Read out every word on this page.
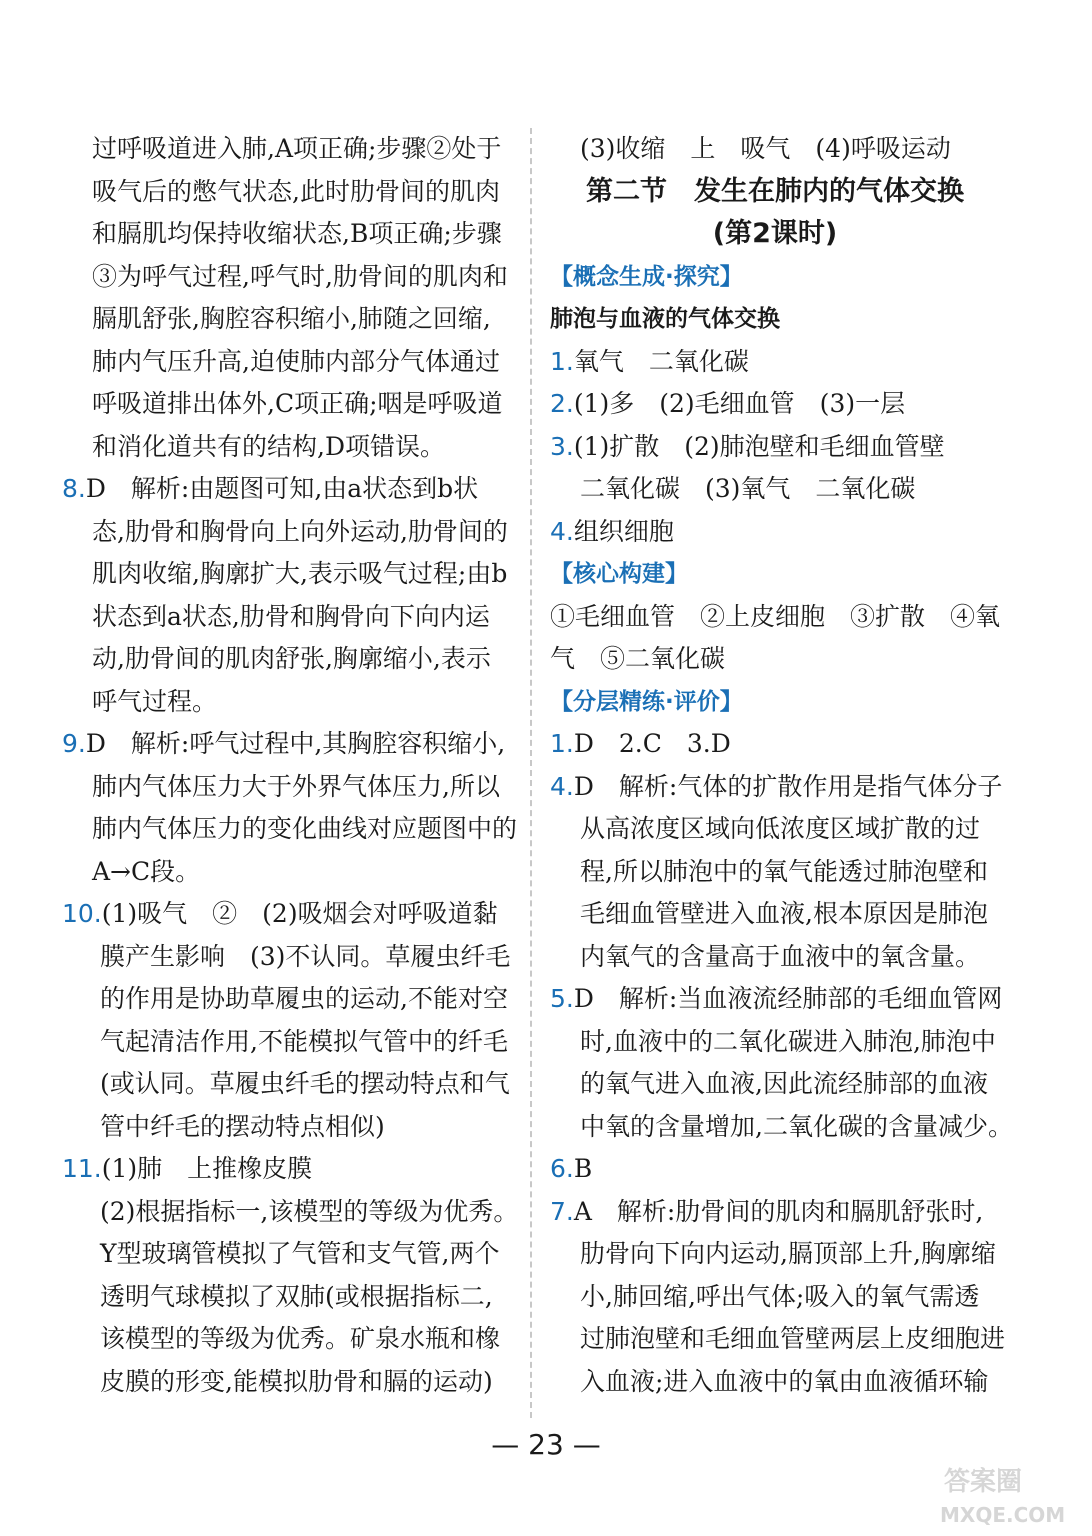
过呼吸道进入肺,A项正确;步骤②处于
吸气后的憋气状态,此时肋骨间的肌肉
和膈肌均保持收缩状态,B项正确;步骤
③为呼气过程,呼气时,肋骨间的肌肉和
膈肌舒张,胸腔容积缩小,肺随之回缩,
肺内气压升高,迫使肺内部分气体通过
呼吸道排出体外,C项正确;咽是呼吸道
和消化道共有的结构,D项错误。
8.D　解析:由题图可知,由a状态到b状
态,肋骨和胸骨向上向外运动,肋骨间的
肌肉收缩,胸廓扩大,表示吸气过程;由b
状态到a状态,肋骨和胸骨向下向内运
动,肋骨间的肌肉舒张,胸廓缩小,表示
呼气过程。
9.D　解析:呼气过程中,其胸腔容积缩小,
肺内气体压力大于外界气体压力,所以
肺内气体压力的变化曲线对应题图中的
A→C段。
10.(1)吸气　②　(2)吸烟会对呼吸道黏
膜产生影响　(3)不认同。草履虫纤毛
的作用是协助草履虫的运动,不能对空
气起清洁作用,不能模拟气管中的纤毛
(或认同。草履虫纤毛的摆动特点和气
管中纤毛的摆动特点相似)
11.(1)肺　上推橡皮膜
(2)根据指标一,该模型的等级为优秀。
Y型玻璃管模拟了气管和支气管,两个
透明气球模拟了双肺(或根据指标二,
该模型的等级为优秀。矿泉水瓶和橡
皮膜的形变,能模拟肋骨和膈的运动)
(3)收缩　上　吸气　(4)呼吸运动
第二节　发生在肺内的气体交换
(第2课时)
【概念生成·探究】
肺泡与血液的气体交换
1.氧气　二氧化碳
2.(1)多　(2)毛细血管　(3)一层
3.(1)扩散　(2)肺泡壁和毛细血管壁
二氧化碳　(3)氧气　二氧化碳
4.组织细胞
【核心构建】
①毛细血管　②上皮细胞　③扩散　④氧
气　⑤二氧化碳
【分层精练·评价】
1.D　2.C　3.D
4.D　解析:气体的扩散作用是指气体分子
从高浓度区域向低浓度区域扩散的过
程,所以肺泡中的氧气能透过肺泡壁和
毛细血管壁进入血液,根本原因是肺泡
内氧气的含量高于血液中的氧含量。
5.D　解析:当血液流经肺部的毛细血管网
时,血液中的二氧化碳进入肺泡,肺泡中
的氧气进入血液,因此流经肺部的血液
中氧的含量增加,二氧化碳的含量减少。
6.B
7.A　解析:肋骨间的肌肉和膈肌舒张时,
肋骨向下向内运动,膈顶部上升,胸廓缩
小,肺回缩,呼出气体;吸入的氧气需透
过肺泡壁和毛细血管壁两层上皮细胞进
入血液;进入血液中的氧由血液循环输
— 23 —
答案圈
MXQE.COM
